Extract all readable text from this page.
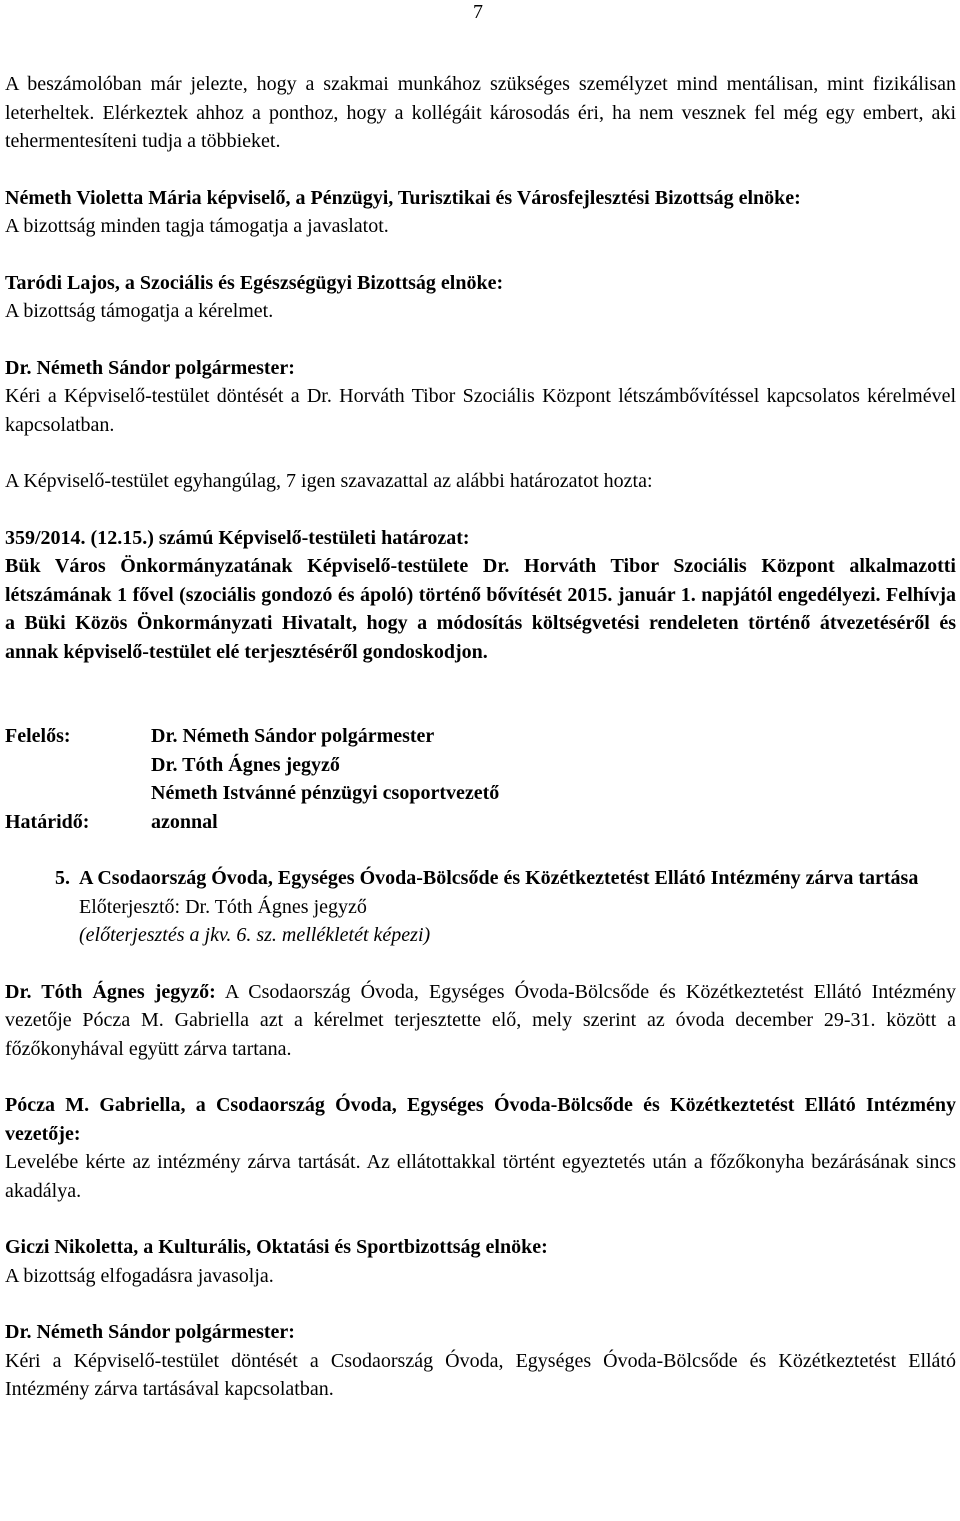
7

A beszámolóban már jelezte, hogy a szakmai munkához szükséges személyzet mind mentálisan, mint fizikálisan leterheltek. Elérkeztek ahhoz a ponthoz, hogy a kollégáit károsodás éri, ha nem vesznek fel még egy embert, aki tehermentesíteni tudja a többieket.

Németh Violetta Mária képviselő, a Pénzügyi, Turisztikai és Városfejlesztési Bizottság elnöke:

A bizottság minden tagja támogatja a javaslatot.

Taródi Lajos, a Szociális és Egészségügyi Bizottság elnöke:

A bizottság támogatja a kérelmet.

Dr. Németh Sándor polgármester:

Kéri a Képviselő-testület döntését a Dr. Horváth Tibor Szociális Központ létszámbővítéssel kapcsolatos kérelmével kapcsolatban.

A Képviselő-testület egyhangúlag, 7 igen szavazattal az alábbi határozatot hozta:

359/2014. (12.15.) számú Képviselő-testületi határozat:

Bük Város Önkormányzatának Képviselő-testülete Dr. Horváth Tibor Szociális Központ alkalmazotti létszámának 1 fővel (szociális gondozó és ápoló) történő bővítését 2015. január 1. napjától engedélyezi. Felhívja a Büki Közös Önkormányzati Hivatalt, hogy a módosítás költségvetési rendeleten történő átvezetéséről és annak képviselő-testület elé terjesztéséről gondoskodjon.

Felelős:	Dr. Németh Sándor polgármester
Dr. Tóth Ágnes jegyző
Németh Istvánné pénzügyi csoportvezető
Határidő:	azonnal

5. A Csodaország Óvoda, Egységes Óvoda-Bölcsőde és Közétkeztetést Ellátó Intézmény zárva tartása

Előterjesztő: Dr. Tóth Ágnes jegyző

(előterjesztés a jkv. 6. sz. mellékletét képezi)

Dr. Tóth Ágnes jegyző: A Csodaország Óvoda, Egységes Óvoda-Bölcsőde és Közétkeztetést Ellátó Intézmény vezetője Pócza M. Gabriella azt a kérelmet terjesztette elő, mely szerint az óvoda december 29-31. között a főzőkonyhával együtt zárva tartana.

Pócza M. Gabriella, a Csodaország Óvoda, Egységes Óvoda-Bölcsőde és Közétkeztetést Ellátó Intézmény vezetője:

Levelébe kérte az intézmény zárva tartását. Az ellátottakkal történt egyeztetés után a főzőkonyha bezárásának sincs akadálya.

Giczi Nikoletta, a Kulturális, Oktatási és Sportbizottság elnöke:

A bizottság elfogadásra javasolja.

Dr. Németh Sándor polgármester:

Kéri a Képviselő-testület döntését a Csodaország Óvoda, Egységes Óvoda-Bölcsőde és Közétkeztetést Ellátó Intézmény zárva tartásával kapcsolatban.
